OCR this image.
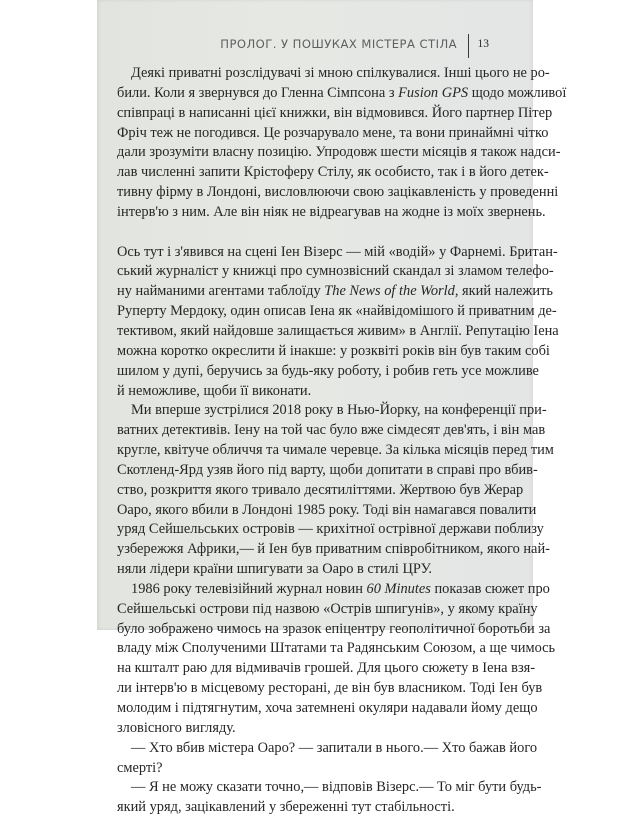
ПРОЛОГ. У ПОШУКАХ МІСТЕРА СТІЛА 13
Деякі приватні розслідувачі зі мною спілкувалися. Інші цього не ро-
били. Коли я звернувся до Гленна Сімпсона з Fusion GPS щодо можливої
співпраці в написанні цієї книжки, він відмовився. Його партнер Пітер
Фріч теж не погодився. Це розчарувало мене, та вони принаймні чітко
дали зрозуміти власну позицію. Упродовж шести місяців я також надси-
лав численні запити Крістоферу Стілу, як особисто, так і в його детек-
тивну фірму в Лондоні, висловлюючи свою зацікавленість у проведенні
інтерв'ю з ним. Але він ніяк не відреагував на жодне із моїх звернень.
Ось тут і з'явився на сцені Іен Візерс — мій «водій» у Фарнемі. Британ-
ський журналіст у книжці про сумнозвісний скандал зі зламом телефо-
ну найманими агентами таблоїду The News of the World, який належить
Руперту Мердоку, один описав Іена як «найвідомішого й приватним де-
тективом, який найдовше залищається живим» в Англії. Репутацію Іена
можна коротко окреслити й інакше: у розквіті років він був таким собі
шилом у дупі, беручись за будь-яку роботу, і робив геть усе можливе
й неможливе, щоби її виконати.
Ми вперше зустрілися 2018 року в Нью-Йорку, на конференції при-
ватних детективів. Іену на той час було вже сімдесят дев'ять, і він мав
кругле, квітуче обличчя та чимале черевце. За кілька місяців перед тим
Скотленд-Ярд узяв його під варту, щоби допитати в справі про вбив-
ство, розкриття якого тривало десятиліттями. Жертвою був Жерар
Оаро, якого вбили в Лондоні 1985 року. Тоді він намагався повалити
уряд Сейшельських островів — крихітної острівної держави поблизу
узбережжя Африки,— й Іен був приватним співробітником, якого най-
няли лідери країни шпигувати за Оаро в стилі ЦРУ.
1986 року телевізійний журнал новин 60 Minutes показав сюжет про
Сейшельські острови під назвою «Острів шпигунів», у якому країну
було зображено чимось на зразок епіцентру геополітичної боротьби за
владу між Сполученими Штатами та Радянським Союзом, а ще чимось
на кшталт раю для відмивачів грошей. Для цього сюжету в Іена взя-
ли інтерв'ю в місцевому ресторані, де він був власником. Тоді Іен був
молодим і підтягнутим, хоча затемнені окуляри надавали йому дещо
зловісного вигляду.
— Хто вбив містера Оаро? — запитали в нього.— Хто бажав його
смерті?
— Я не можу сказати точно,— відповів Візерс.— То міг бути будь-
який уряд, зацікавлений у збереженні тут стабільності.
